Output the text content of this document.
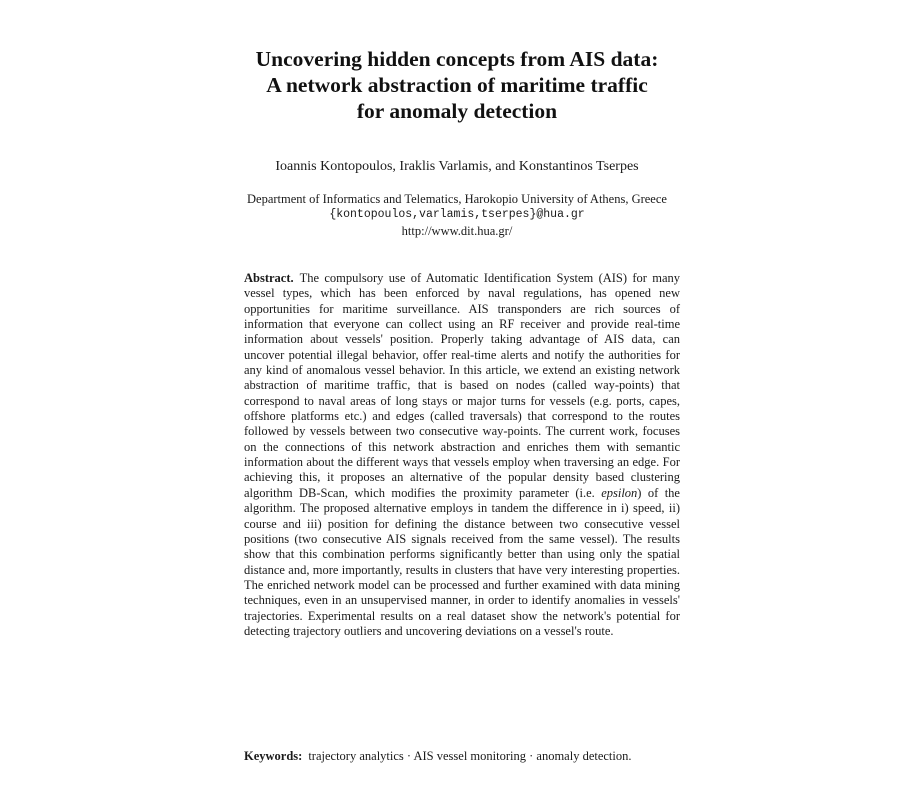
Uncovering hidden concepts from AIS data:
A network abstraction of maritime traffic
for anomaly detection
Ioannis Kontopoulos, Iraklis Varlamis, and Konstantinos Tserpes
Department of Informatics and Telematics, Harokopio University of Athens, Greece
{kontopoulos,varlamis,tserpes}@hua.gr
http://www.dit.hua.gr/
Abstract. The compulsory use of Automatic Identification System (AIS) for many vessel types, which has been enforced by naval regulations, has opened new opportunities for maritime surveillance. AIS transponders are rich sources of information that everyone can collect using an RF receiver and provide real-time information about vessels' position. Properly taking advantage of AIS data, can uncover potential illegal behavior, offer real-time alerts and notify the authorities for any kind of anomalous vessel behavior. In this article, we extend an existing network abstraction of maritime traffic, that is based on nodes (called way-points) that correspond to naval areas of long stays or major turns for vessels (e.g. ports, capes, offshore platforms etc.) and edges (called traversals) that correspond to the routes followed by vessels between two consecutive way-points. The current work, focuses on the connections of this network abstraction and enriches them with semantic information about the different ways that vessels employ when traversing an edge. For achieving this, it proposes an alternative of the popular density based clustering algorithm DB-Scan, which modifies the proximity parameter (i.e. epsilon) of the algorithm. The proposed alternative employs in tandem the difference in i) speed, ii) course and iii) position for defining the distance between two consecutive vessel positions (two consecutive AIS signals received from the same vessel). The results show that this combination performs significantly better than using only the spatial distance and, more importantly, results in clusters that have very interesting properties. The enriched network model can be processed and further examined with data mining techniques, even in an unsupervised manner, in order to identify anomalies in vessels' trajectories. Experimental results on a real dataset show the network's potential for detecting trajectory outliers and uncovering deviations on a vessel's route.
Keywords: trajectory analytics · AIS vessel monitoring · anomaly detection.
